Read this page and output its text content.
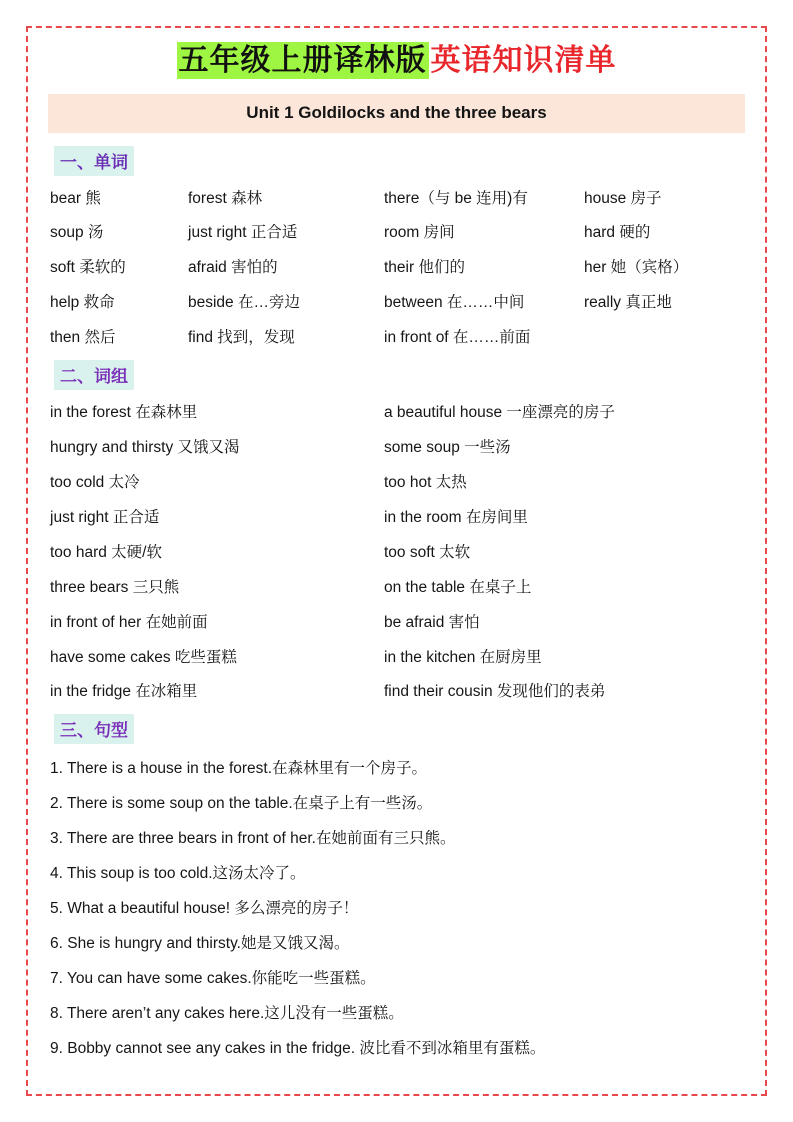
五年级上册译林版 英语知识清单
Unit 1 Goldilocks and the three bears
一、单词
bear 熊	forest 森林	there（与 be 连用)有	house 房子
soup 汤	just right 正合适	room 房间	hard 硬的
soft 柔软的	afraid 害怕的	their 他们的	her 她（宾格）
help 救命	beside 在…旁边	between 在……中间	really 真正地
then 然后	find 找到，发现	in front of 在……前面	
二、词组
in the forest 在森林里	a beautiful house 一座漂亮的房子
hungry and thirsty 又饿又渴	some soup 一些汤
too cold 太冷	too hot 太热
just right 正合适	in the room 在房间里
too hard 太硬/软	too soft 太软
three bears 三只熊	on the table 在桌子上
in front of her 在她前面	be afraid 害怕
have some cakes 吃些蛋糕	in the kitchen 在厨房里
in the fridge 在冰箱里	find their cousin 发现他们的表弟
三、句型
1. There is a house in the forest.在森林里有一个房子。
2. There is some soup on the table.在桌子上有一些汤。
3. There are three bears in front of her.在她前面有三只熊。
4. This soup is too cold.这汤太冷了。
5. What a beautiful house! 多么漂亮的房子！
6. She is hungry and thirsty.她是又饿又渴。
7. You can have some cakes.你能吃一些蛋糕。
8. There aren’t any cakes here.这儿没有一些蛋糕。
9. Bobby cannot see any cakes in the fridge. 波比看不到冰箱里有蛋糕。
